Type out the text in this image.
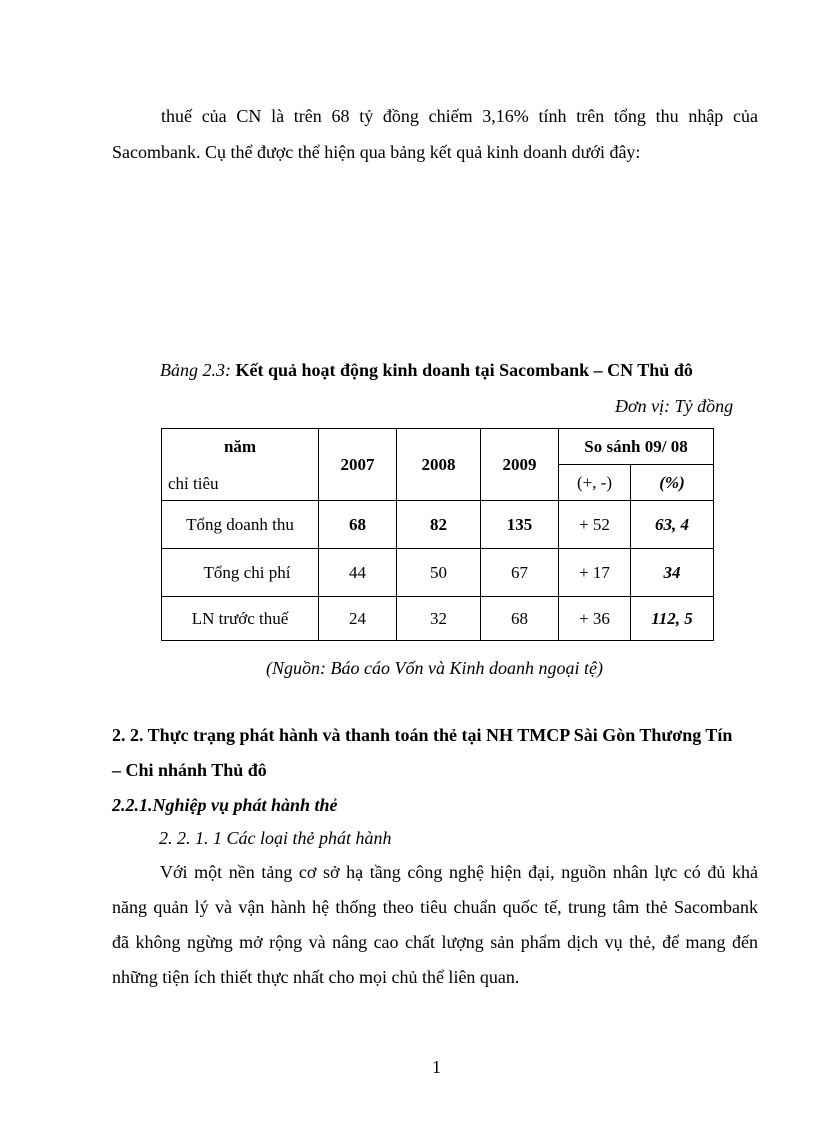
thuế của CN là trên 68 tỷ đồng chiếm 3,16% tính trên tổng thu nhập của
Sacombank. Cụ thể được thể hiện qua bảng kết quả kinh doanh dưới đây:
Bảng 2.3: Kết quả hoạt động kinh doanh tại Sacombank – CN Thủ đô
Đơn vị: Tỷ đồng
năm
chỉ tiêu	2007	2008	2009	So sánh 09/ 08	
				(+, -)	(%)
Tổng doanh thu	68	82	135	+ 52	63, 4
Tổng chi phí	44	50	67	+ 17	34
LN trước thuế	24	32	68	+ 36	112, 5
(Nguồn: Báo cáo Vốn và Kinh doanh ngoại tệ)
2. 2. Thực trạng phát hành và thanh toán thẻ tại NH TMCP Sài Gòn Thương Tín
– Chi nhánh Thủ đô
2.2.1.Nghiệp vụ phát hành thẻ
2. 2. 1. 1 Các loại thẻ phát hành
Với một nền tảng cơ sở hạ tầng công nghệ hiện đại, nguồn nhân lực có đủ khả
năng quản lý và vận hành hệ thống theo tiêu chuẩn quốc tế, trung tâm thẻ Sacombank
đã không ngừng mở rộng và nâng cao chất lượng sản phẩm dịch vụ thẻ, để mang đến
những tiện ích thiết thực nhất cho mọi chủ thể liên quan.
1
